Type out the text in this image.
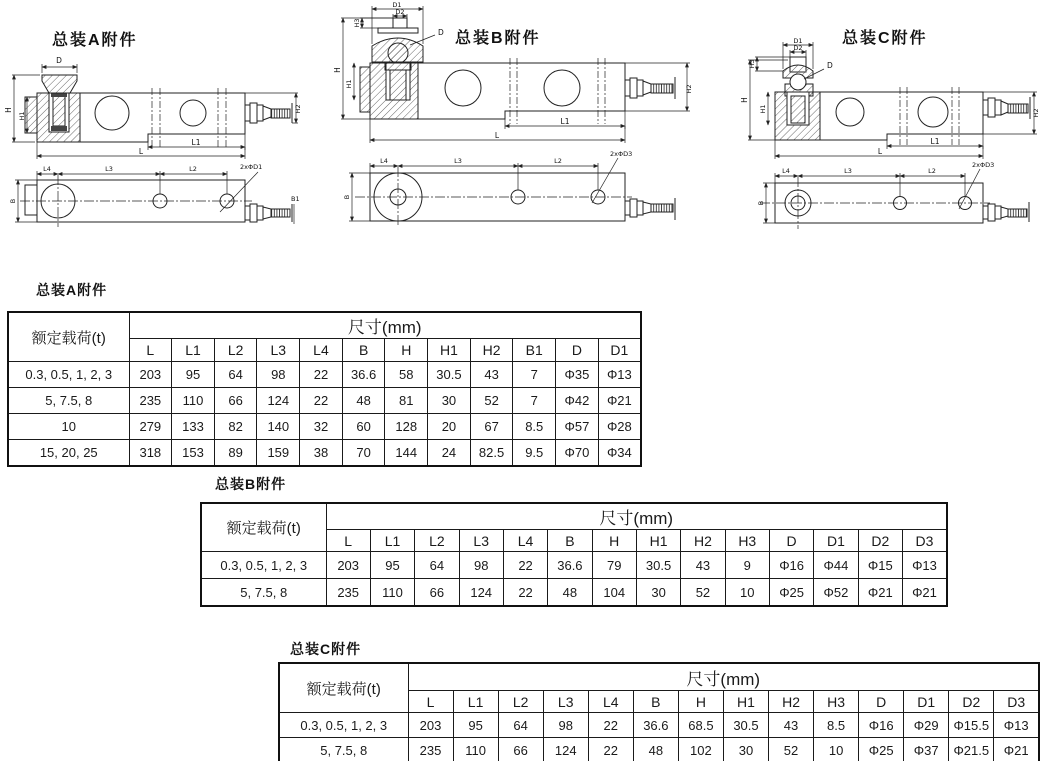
总装A附件	总装B附件	总装C附件
D
H
H1
H2
L1
L
L4	L3	L2	2xΦD1
B	B1
D1
D2
H3
D
H
H1
H2
L1
L
L4	L3	L2
2xΦD3
B
D1
D2
H3	D
H
H1	H2
L1
L
L4	L3	L2
2xΦD3
B
总装A附件
额定载荷(t)	尺寸(mm)											
	L	L1	L2	L3	L4	B	H	H1	H2	B1	D	D1
0.3, 0.5, 1, 2, 3	203	95	64	98	22	36.6	58	30.5	43	7	Φ35	Φ13
5, 7.5, 8	235	110	66	124	22	48	81	30	52	7	Φ42	Φ21
10	279	133	82	140	32	60	128	20	67	8.5	Φ57	Φ28
15, 20, 25	318	153	89	159	38	70	144	24	82.5	9.5	Φ70	Φ34
总装B附件
额定载荷(t)	尺寸(mm)													
	L	L1	L2	L3	L4	B	H	H1	H2	H3	D	D1	D2	D3
0.3, 0.5, 1, 2, 3	203	95	64	98	22	36.6	79	30.5	43	9	Φ16	Φ44	Φ15	Φ13
5, 7.5, 8	235	110	66	124	22	48	104	30	52	10	Φ25	Φ52	Φ21	Φ21
总装C附件
额定载荷(t)	尺寸(mm)													
	L	L1	L2	L3	L4	B	H	H1	H2	H3	D	D1	D2	D3
0.3, 0.5, 1, 2, 3	203	95	64	98	22	36.6	68.5	30.5	43	8.5	Φ16	Φ29	Φ15.5	Φ13
5, 7.5, 8	235	110	66	124	22	48	102	30	52	10	Φ25	Φ37	Φ21.5	Φ21
